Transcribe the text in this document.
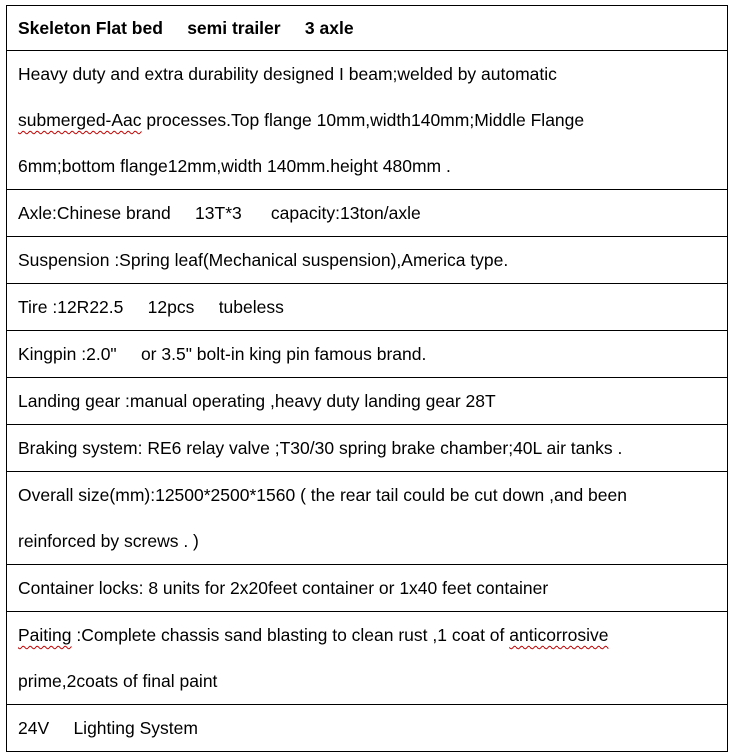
Skeleton Flat bed     semi trailer     3 axle

Heavy duty and extra durability designed I beam;welded by automatic
submerged-Aac processes.Top flange 10mm,width140mm;Middle Flange
6mm;bottom flange12mm,width 140mm.height 480mm .

Axle:Chinese brand     13T*3      capacity:13ton/axle
Suspension :Spring leaf(Mechanical suspension),America type.
Tire :12R22.5     12pcs     tubeless
Kingpin :2.0"     or 3.5" bolt-in king pin famous brand.
Landing gear :manual operating ,heavy duty landing gear 28T
Braking system: RE6 relay valve ;T30/30 spring brake chamber;40L air tanks .

Overall size(mm):12500*2500*1560 ( the rear tail could be cut down ,and been
reinforced by screws . )

Container locks: 8 units for 2x20feet container or 1x40 feet container

Paiting :Complete chassis sand blasting to clean rust ,1 coat of anticorrosive
prime,2coats of final paint

24V     Lighting System
